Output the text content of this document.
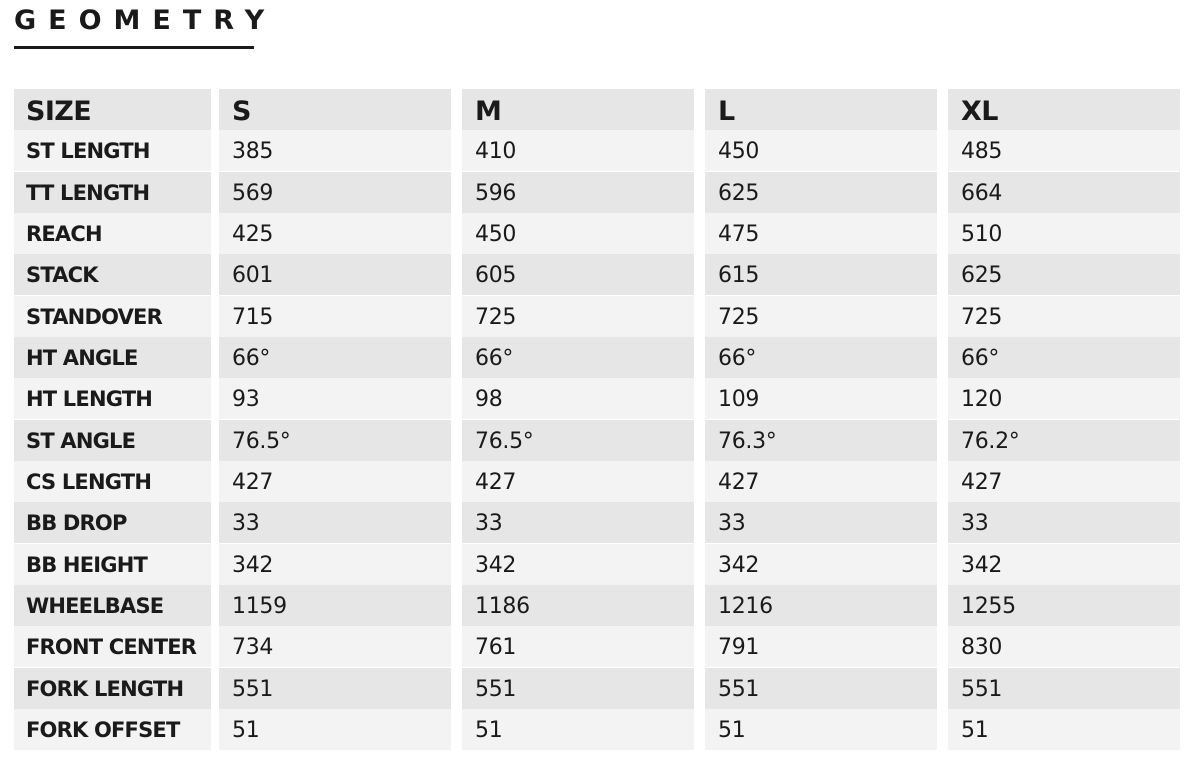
GEOMETRY
SIZE	S	M	L	XL
ST LENGTH	385	410	450	485
TT LENGTH	569	596	625	664
REACH	425	450	475	510
STACK	601	605	615	625
STANDOVER	715	725	725	725
HT ANGLE	66°	66°	66°	66°
HT LENGTH	93	98	109	120
ST ANGLE	76.5°	76.5°	76.3°	76.2°
CS LENGTH	427	427	427	427
BB DROP	33	33	33	33
BB HEIGHT	342	342	342	342
WHEELBASE	1159	1186	1216	1255
FRONT CENTER	734	761	791	830
FORK LENGTH	551	551	551	551
FORK OFFSET	51	51	51	51
